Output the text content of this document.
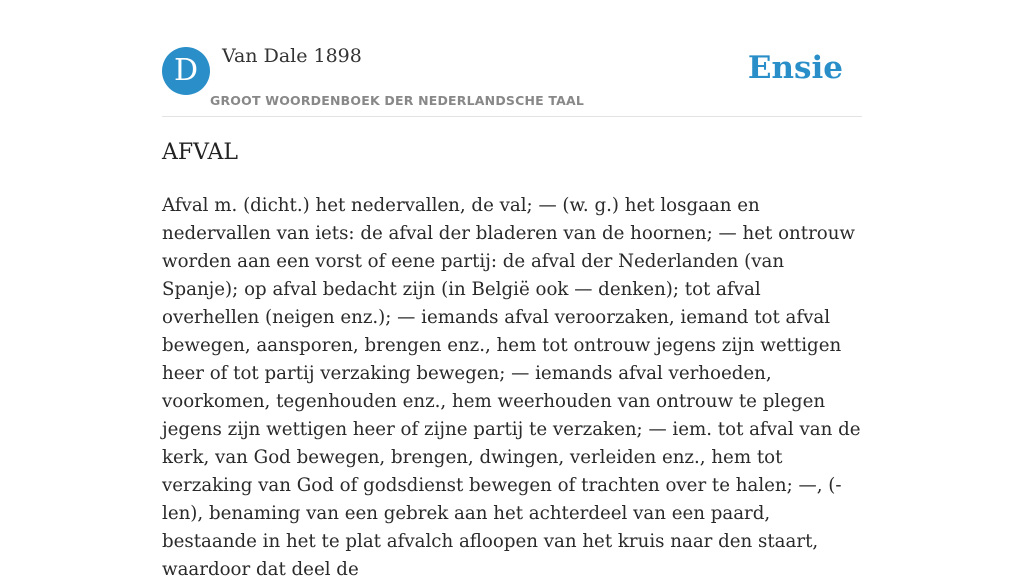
D	Van Dale 1898
GROOT WOORDENBOEK DER NEDERLANDSCHE TAAL
Ensie
AFVAL

Afval m. (dicht.) het nedervallen, de val; — (w. g.) het losgaan en nedervallen van iets: de afval der bladeren van de hoornen; — het ontrouw worden aan een vorst of eene partij: de afval der Nederlanden (van Spanje); op afval bedacht zijn (in België ook — denken); tot afval overhellen (neigen enz.); — iemands afval veroorzaken, iemand tot afval bewegen, aansporen, brengen enz., hem tot ontrouw jegens zijn wettigen heer of tot partij verzaking bewegen; — iemands afval verhoeden, voorkomen, tegenhouden enz., hem weerhouden van ontrouw te plegen jegens zijn wettigen heer of zijne partij te verzaken; — iem. tot afval van de kerk, van God bewegen, brengen, dwingen, verleiden enz., hem tot verzaking van God of godsdienst bewegen of trachten over te halen; —, (-len), benaming van een gebrek aan het achterdeel van een paard, bestaande in het te plat afvalch afloopen van het kruis naar den staart, waardoor dat deel de
